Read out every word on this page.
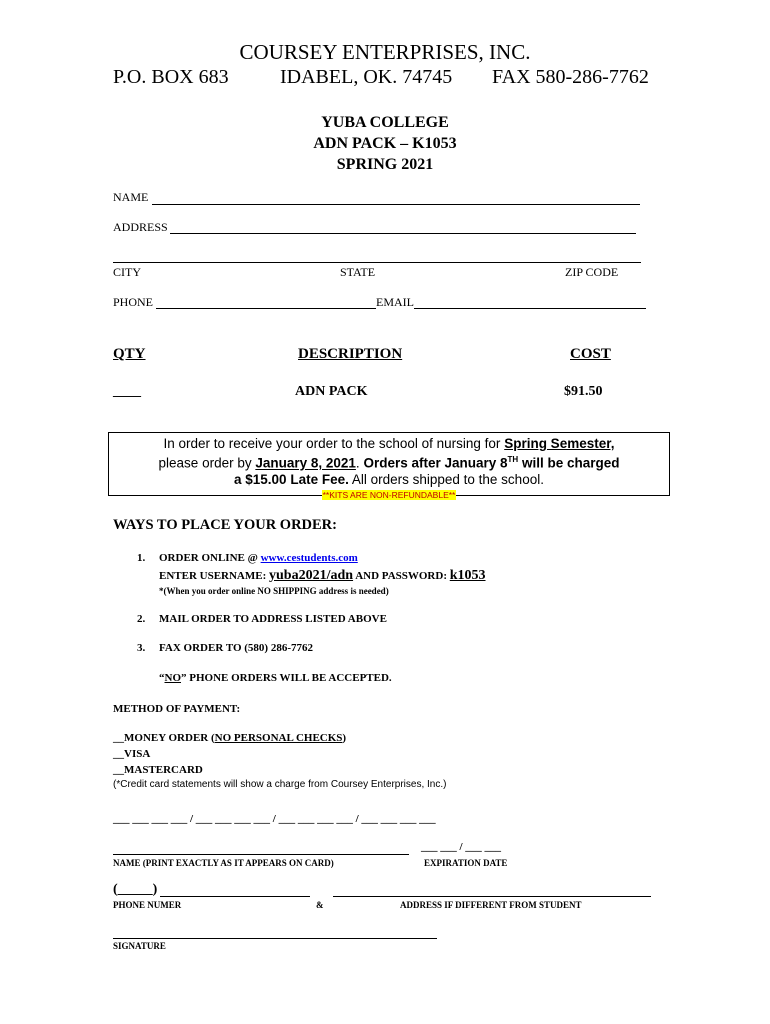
COURSEY ENTERPRISES, INC.
P.O. BOX 683	IDABEL, OK. 74745 FAX 580-286-7762
YUBA COLLEGE
ADN PACK – K1053
SPRING 2021
NAME
ADDRESS
CITY	STATE	ZIP CODE
PHONE	EMAIL
QTY	DESCRIPTION	COST
____	ADN PACK	$91.50
In order to receive your order to the school of nursing for Spring Semester,
please order by January 8, 2021. Orders after January 8TH will be charged
a $15.00 Late Fee. All orders shipped to the school.
**KITS ARE NON-REFUNDABLE**
WAYS TO PLACE YOUR ORDER:
1. ORDER ONLINE @ www.cestudents.com
ENTER USERNAME: yuba2021/adn AND PASSWORD: k1053
*(When you order online NO SHIPPING address is needed)
2. MAIL ORDER TO ADDRESS LISTED ABOVE
3. FAX ORDER TO (580) 286-7762
“NO” PHONE ORDERS WILL BE ACCEPTED.
METHOD OF PAYMENT:
__MONEY ORDER (NO PERSONAL CHECKS)
__VISA
__MASTERCARD
(*Credit card statements will show a charge from Coursey Enterprises, Inc.)
___ ___ ___ ___ / ___ ___ ___ ___ / ___ ___ ___ ___ / ___ ___ ___ ___
___ ___ / ___ ___
NAME (PRINT EXACTLY AS IT APPEARS ON CARD)	EXPIRATION DATE
(_____)
PHONE NUMER	&	ADDRESS IF DIFFERENT FROM STUDENT
SIGNATURE
